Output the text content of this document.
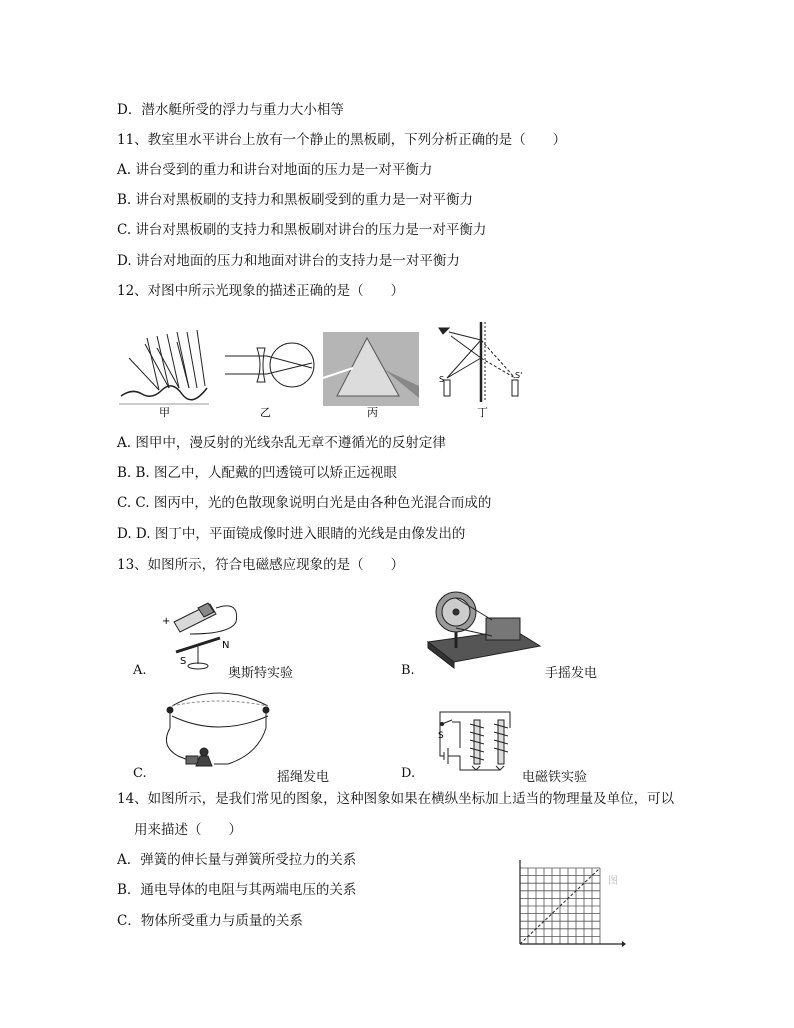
D．潜水艇所受的浮力与重力大小相等
11、教室里水平讲台上放有一个静止的黑板刷，下列分析正确的是（　　）
A. 讲台受到的重力和讲台对地面的压力是一对平衡力
B. 讲台对黑板刷的支持力和黑板刷受到的重力是一对平衡力
C. 讲台对黑板刷的支持力和黑板刷对讲台的压力是一对平衡力
D. 讲台对地面的压力和地面对讲台的支持力是一对平衡力
12、对图中所示光现象的描述正确的是（　　）
甲	乙	丙
S	S'
丁
A. 图甲中，漫反射的光线杂乱无章不遵循光的反射定律
B. B. 图乙中，人配戴的凹透镜可以矫正远视眼
C. C. 图丙中，光的色散现象说明白光是由各种色光混合而成的
D. D. 图丁中，平面镜成像时进入眼睛的光线是由像发出的
13、如图所示，符合电磁感应现象的是（　　）
+
N
S
A.	奥斯特实验	B.	手摇发电
C.	摇绳发电
S
D.	电磁铁实验
14、如图所示，是我们常见的图象，这种图象如果在横纵坐标加上适当的物理量及单位，可以
用来描述（　　）
A．弹簧的伸长量与弹簧所受拉力的关系
B．通电导体的电阻与其两端电压的关系
C．物体所受重力与质量的关系
图
